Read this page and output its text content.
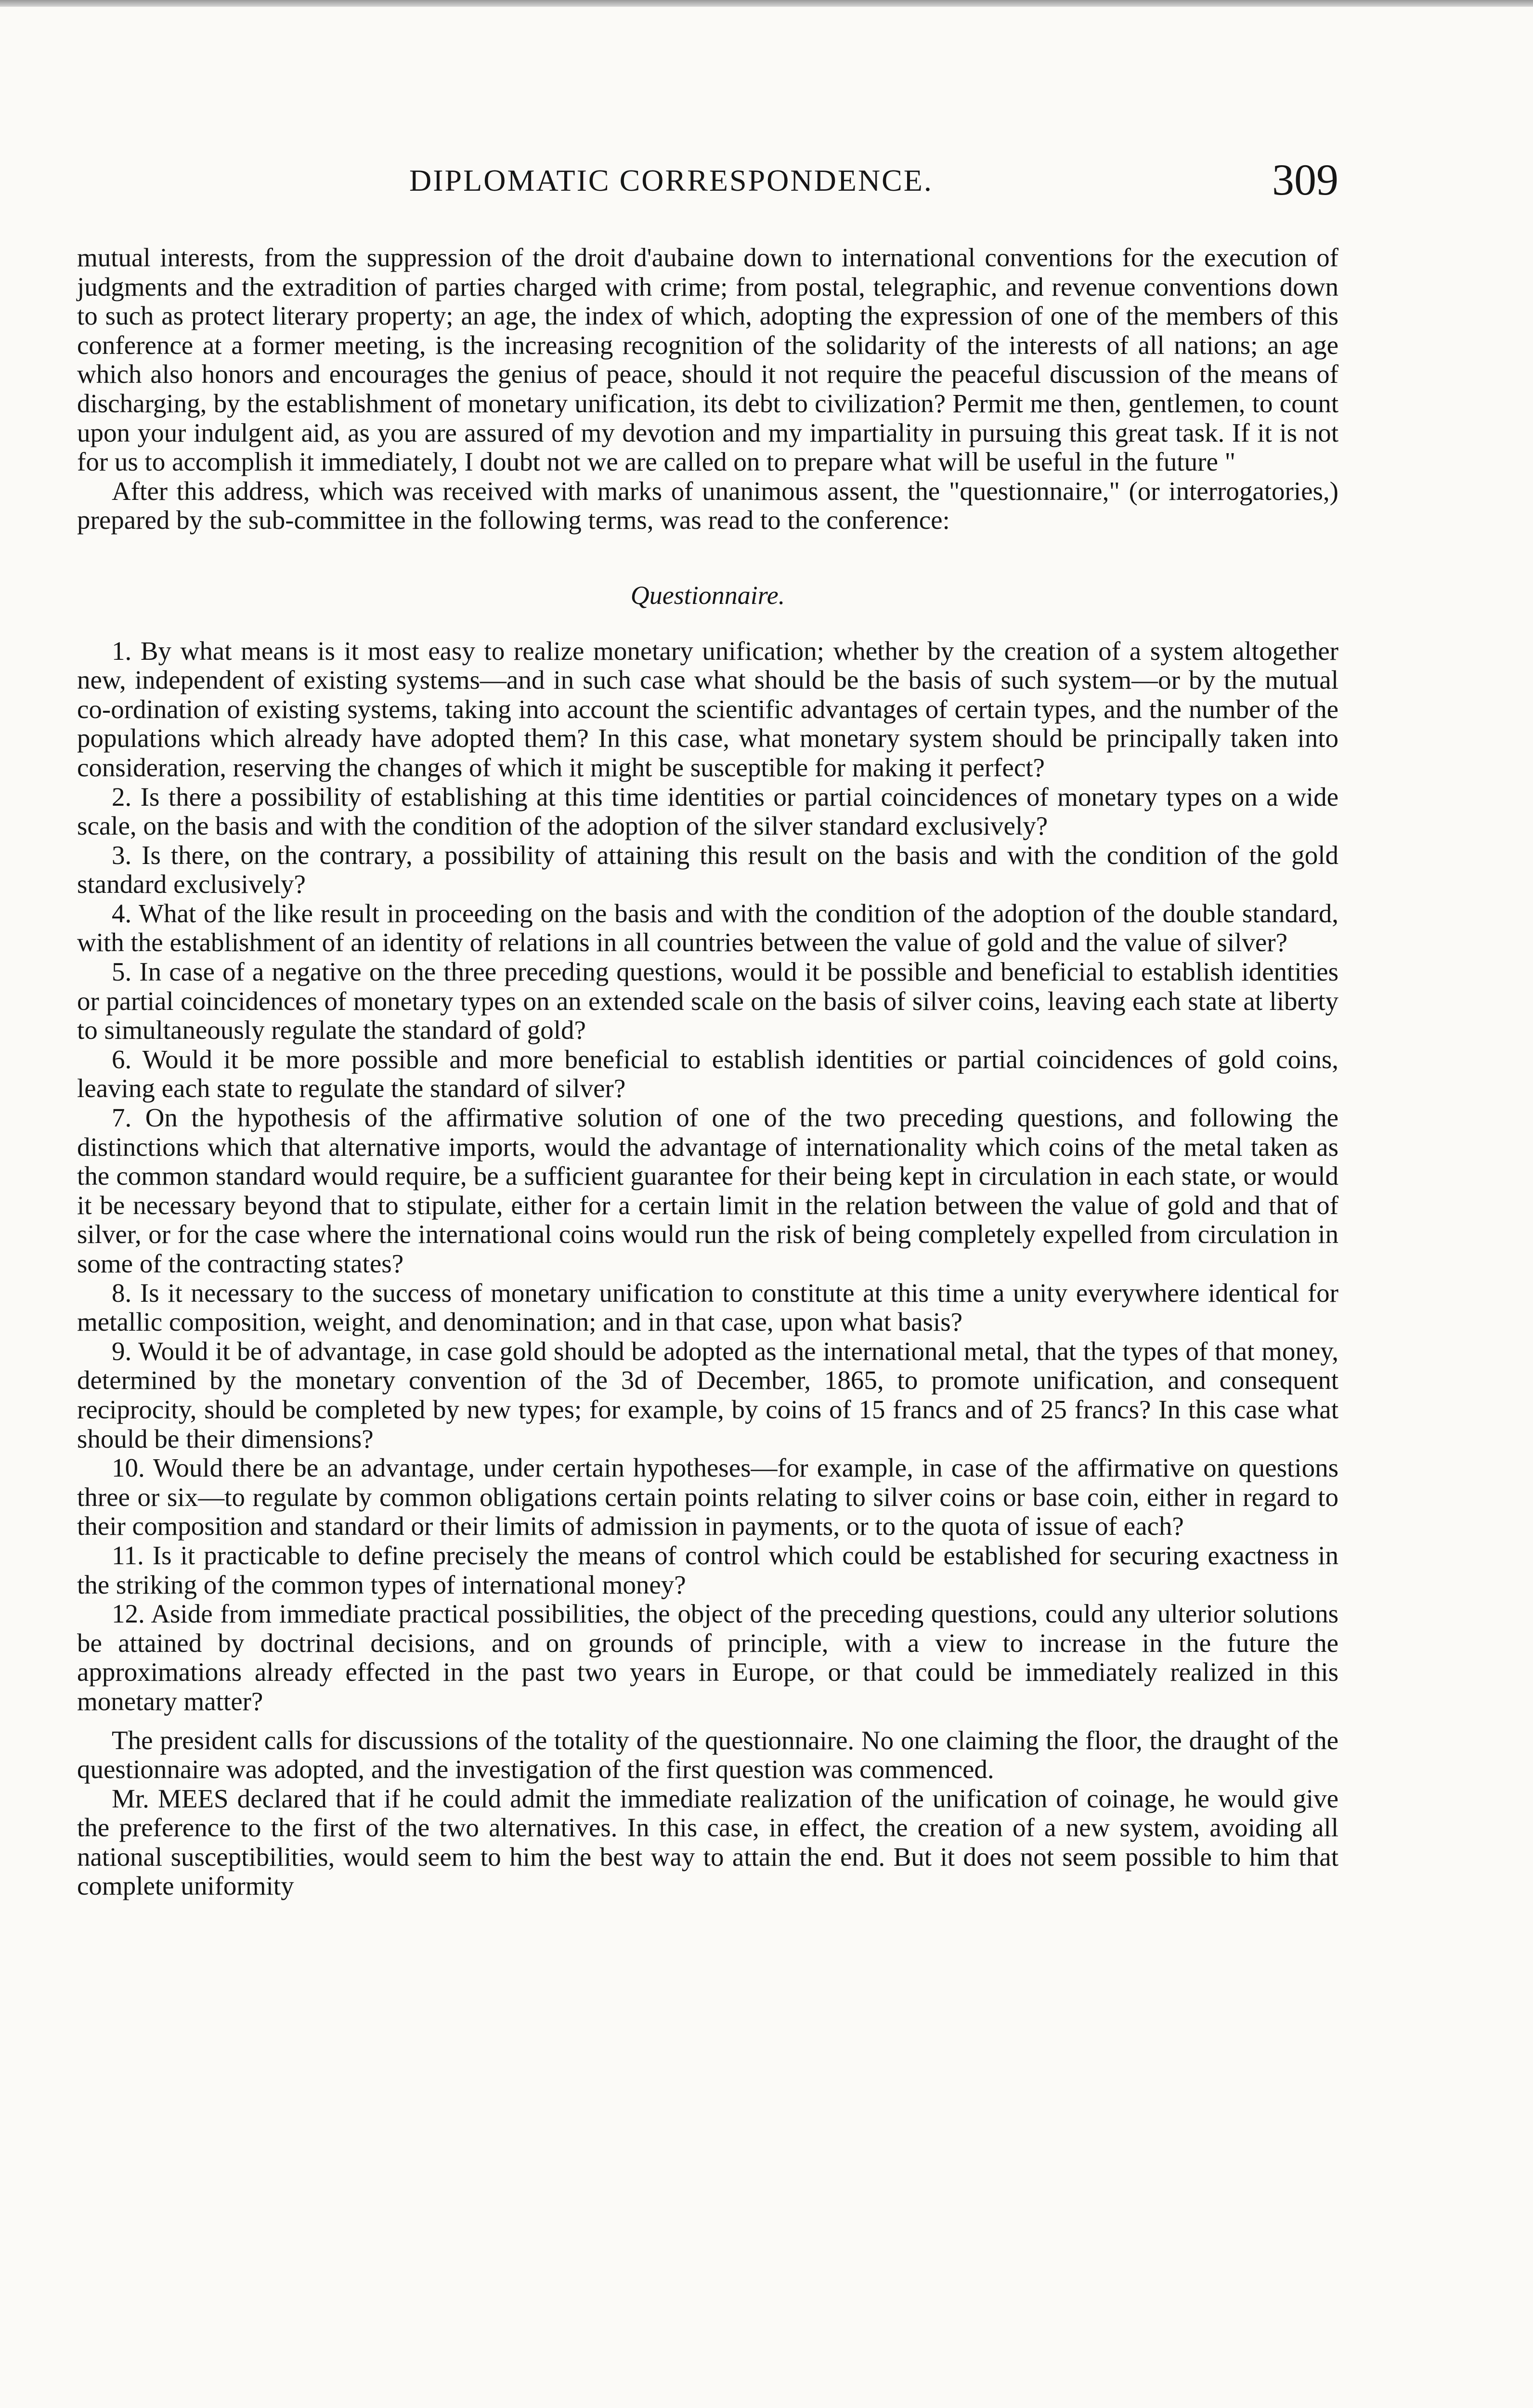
DIPLOMATIC CORRESPONDENCE.	309

mutual interests, from the suppression of the droit d'aubaine down to international conventions for the execution of judgments and the extradition of parties charged with crime; from postal, telegraphic, and revenue conventions down to such as protect literary property; an age, the index of which, adopting the expression of one of the members of this conference at a former meeting, is the increasing recognition of the solidarity of the interests of all nations; an age which also honors and encourages the genius of peace, should it not require the peaceful discussion of the means of discharging, by the establishment of monetary unification, its debt to civilization? Permit me then, gentlemen, to count upon your indulgent aid, as you are assured of my devotion and my impartiality in pursuing this great task. If it is not for us to accomplish it immediately, I doubt not we are called on to prepare what will be useful in the future "

After this address, which was received with marks of unanimous assent, the "questionnaire," (or interrogatories,) prepared by the sub-committee in the following terms, was read to the conference:

Questionnaire.

1. By what means is it most easy to realize monetary unification; whether by the creation of a system altogether new, independent of existing systems—and in such case what should be the basis of such system—or by the mutual co-ordination of existing systems, taking into account the scientific advantages of certain types, and the number of the populations which already have adopted them? In this case, what monetary system should be principally taken into consideration, reserving the changes of which it might be susceptible for making it perfect?

2. Is there a possibility of establishing at this time identities or partial coincidences of monetary types on a wide scale, on the basis and with the condition of the adoption of the silver standard exclusively?

3. Is there, on the contrary, a possibility of attaining this result on the basis and with the condition of the gold standard exclusively?

4. What of the like result in proceeding on the basis and with the condition of the adoption of the double standard, with the establishment of an identity of relations in all countries between the value of gold and the value of silver?

5. In case of a negative on the three preceding questions, would it be possible and beneficial to establish identities or partial coincidences of monetary types on an extended scale on the basis of silver coins, leaving each state at liberty to simultaneously regulate the standard of gold?

6. Would it be more possible and more beneficial to establish identities or partial coincidences of gold coins, leaving each state to regulate the standard of silver?

7. On the hypothesis of the affirmative solution of one of the two preceding questions, and following the distinctions which that alternative imports, would the advantage of internationality which coins of the metal taken as the common standard would require, be a sufficient guarantee for their being kept in circulation in each state, or would it be necessary beyond that to stipulate, either for a certain limit in the relation between the value of gold and that of silver, or for the case where the international coins would run the risk of being completely expelled from circulation in some of the contracting states?

8. Is it necessary to the success of monetary unification to constitute at this time a unity everywhere identical for metallic composition, weight, and denomination; and in that case, upon what basis?

9. Would it be of advantage, in case gold should be adopted as the international metal, that the types of that money, determined by the monetary convention of the 3d of December, 1865, to promote unification, and consequent reciprocity, should be completed by new types; for example, by coins of 15 francs and of 25 francs? In this case what should be their dimensions?

10. Would there be an advantage, under certain hypotheses—for example, in case of the affirmative on questions three or six—to regulate by common obligations certain points relating to silver coins or base coin, either in regard to their composition and standard or their limits of admission in payments, or to the quota of issue of each?

11. Is it practicable to define precisely the means of control which could be established for securing exactness in the striking of the common types of international money?

12. Aside from immediate practical possibilities, the object of the preceding questions, could any ulterior solutions be attained by doctrinal decisions, and on grounds of principle, with a view to increase in the future the approximations already effected in the past two years in Europe, or that could be immediately realized in this monetary matter?

The president calls for discussions of the totality of the questionnaire. No one claiming the floor, the draught of the questionnaire was adopted, and the investigation of the first question was commenced.

Mr. MEES declared that if he could admit the immediate realization of the unification of coinage, he would give the preference to the first of the two alternatives. In this case, in effect, the creation of a new system, avoiding all national susceptibilities, would seem to him the best way to attain the end. But it does not seem possible to him that complete uniformity
